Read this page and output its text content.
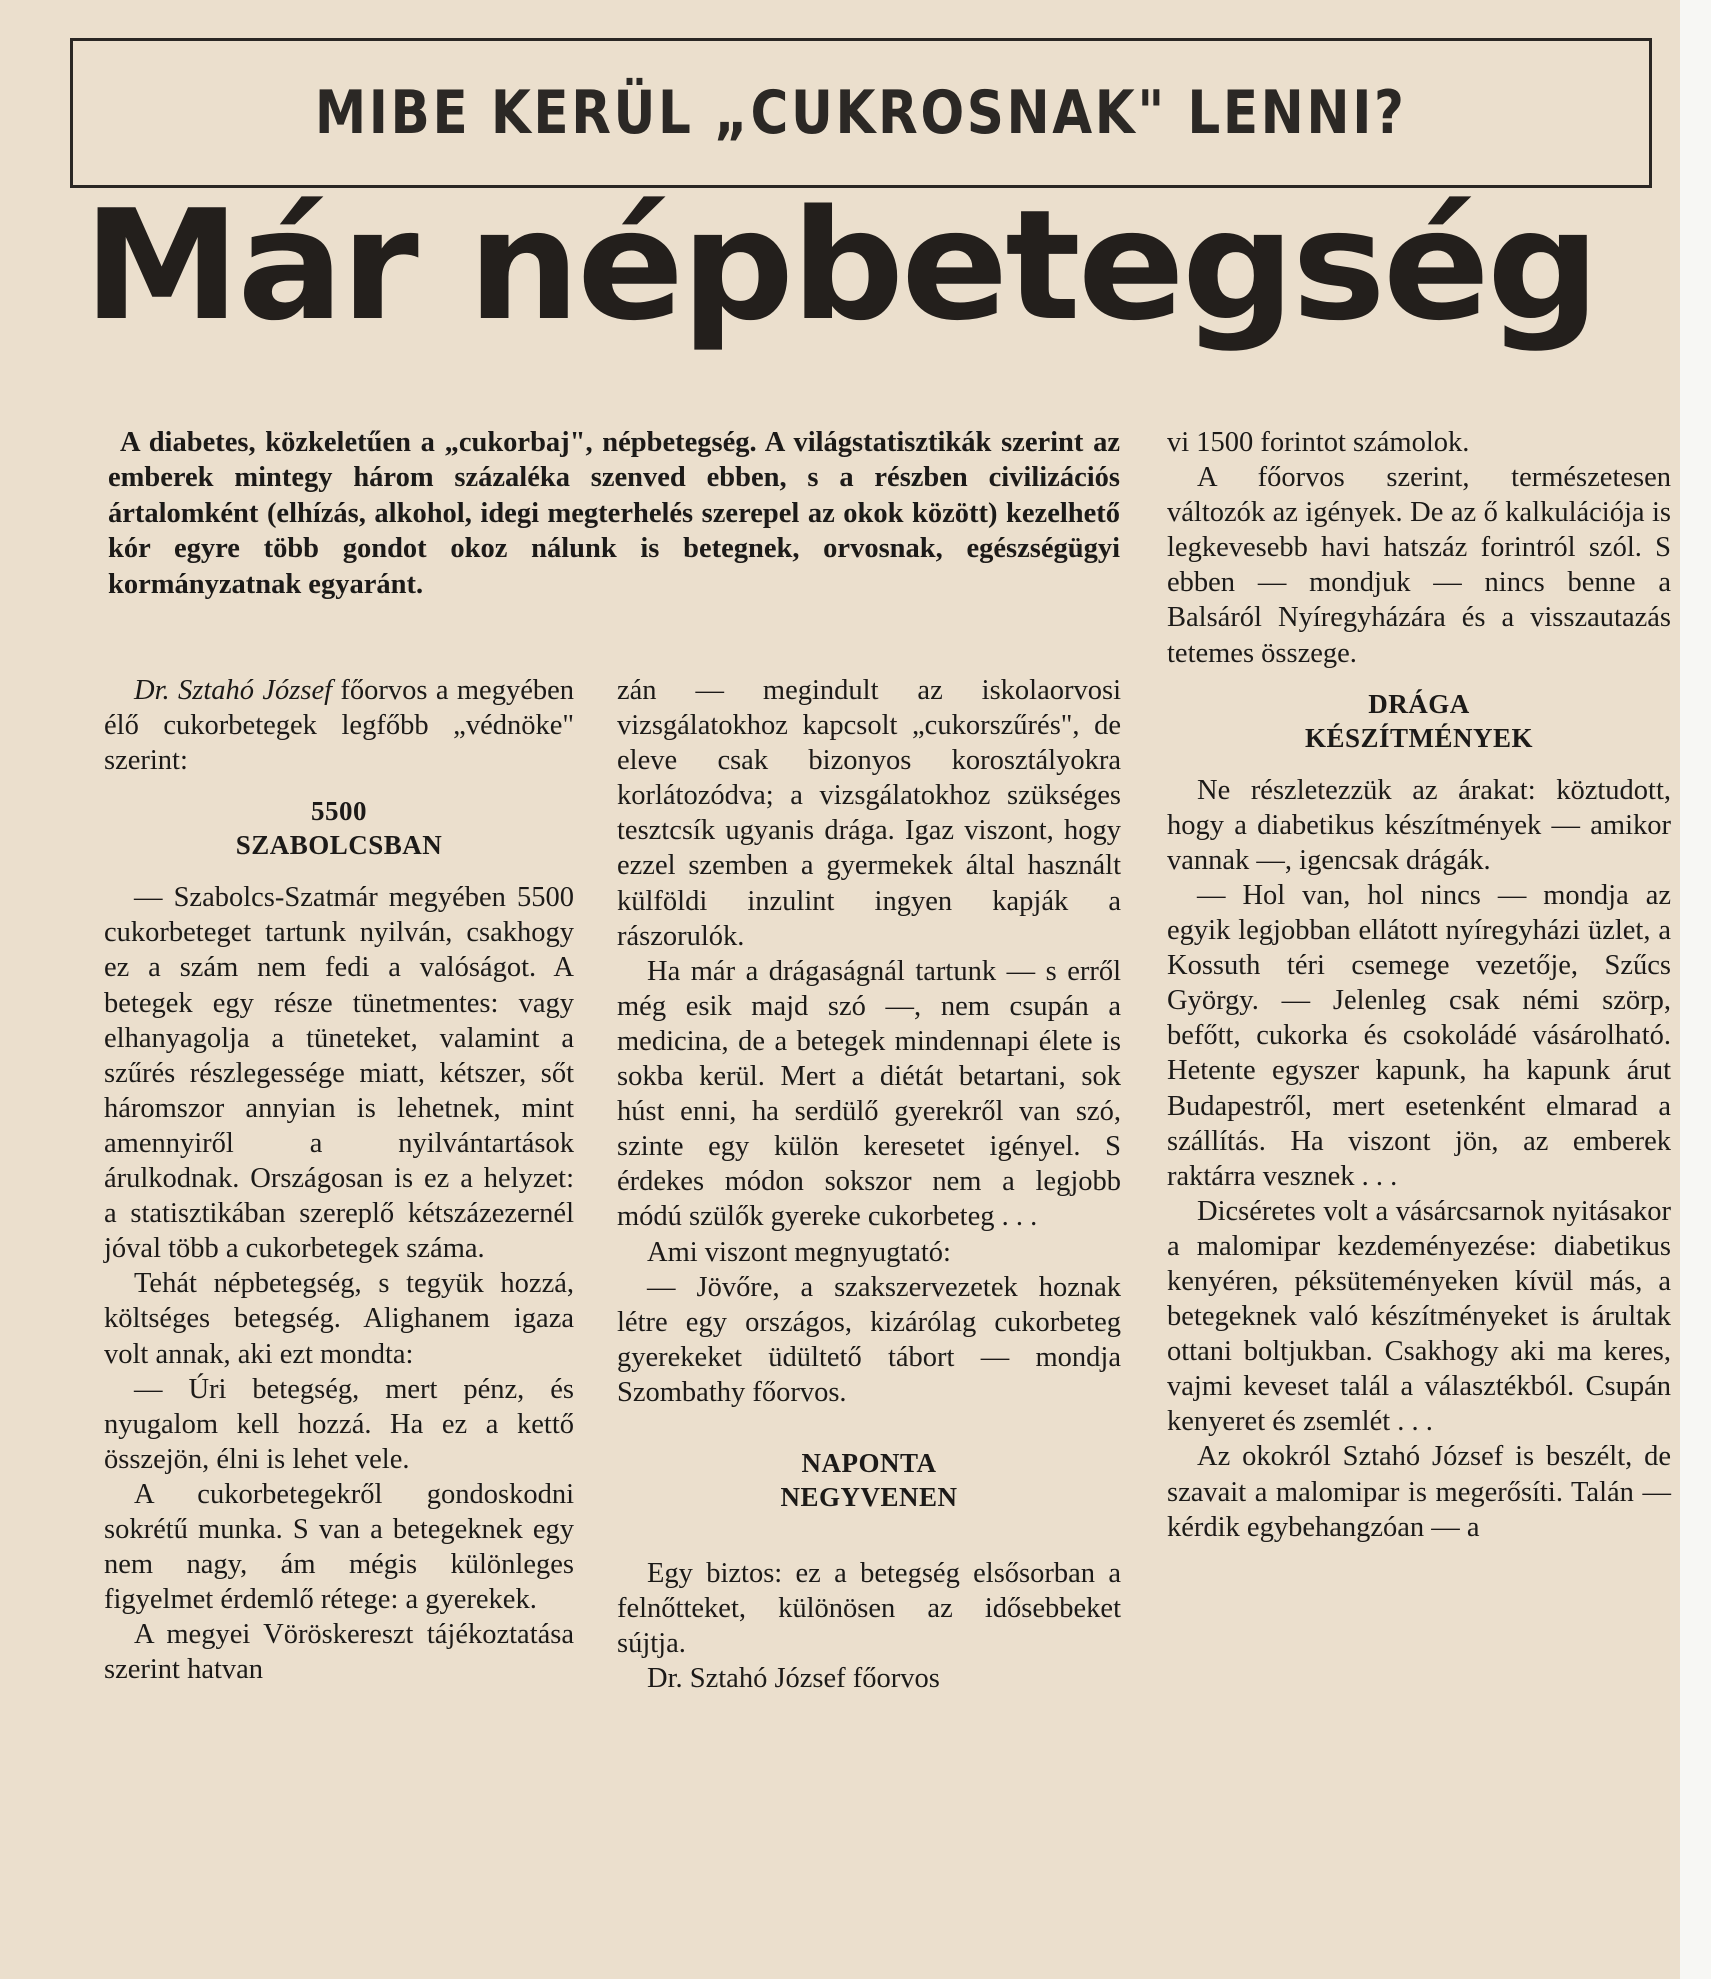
MIBE KERÜL „CUKROSNAK" LENNI?
Már népbetegség

A diabetes, közkeletűen a „cukorbaj", népbetegség. A világstatisztikák szerint az emberek mintegy három százaléka szenved ebben, s a részben civilizációs ártalomként (elhízás, alkohol, idegi megterhelés szerepel az okok között) kezelhető kór egyre több gondot okoz nálunk is betegnek, orvosnak, egészségügyi kormányzatnak egyaránt.

Dr. Sztahó József főorvos a megyében élő cukorbetegek legfőbb „védnöke" szerint:

5500
SZABOLCSBAN

— Szabolcs-Szatmár megyében 5500 cukorbeteget tartunk nyilván, csakhogy ez a szám nem fedi a valóságot. A betegek egy része tünetmentes: vagy elhanyagolja a tüneteket, valamint a szűrés részlegessége miatt, kétszer, sőt háromszor annyian is lehetnek, mint amennyiről a nyilvántartások árulkodnak. Országosan is ez a helyzet: a statisztikában szereplő kétszázezernél jóval több a cukorbetegek száma.

Tehát népbetegség, s tegyük hozzá, költséges betegség. Alighanem igaza volt annak, aki ezt mondta:

— Úri betegség, mert pénz, és nyugalom kell hozzá. Ha ez a kettő összejön, élni is lehet vele.

A cukorbetegekről gondoskodni sokrétű munka. S van a betegeknek egy nem nagy, ám mégis különleges figyelmet érdemlő rétege: a gyerekek.

A megyei Vöröskereszt tájékoztatása szerint hatvan

zán — megindult az iskolaorvosi vizsgálatokhoz kapcsolt „cukorszűrés", de eleve csak bizonyos korosztályokra korlátozódva; a vizsgálatokhoz szükséges tesztcsík ugyanis drága. Igaz viszont, hogy ezzel szemben a gyermekek által használt külföldi inzulint ingyen kapják a rászorulók.

Ha már a drágaságnál tartunk — s erről még esik majd szó —, nem csupán a medicina, de a betegek mindennapi élete is sokba kerül. Mert a diétát betartani, sok húst enni, ha serdülő gyerekről van szó, szinte egy külön keresetet igényel. S érdekes módon sokszor nem a legjobb módú szülők gyereke cukorbeteg . . .

Ami viszont megnyugtató:

— Jövőre, a szakszervezetek hoznak létre egy országos, kizárólag cukorbeteg gyerekeket üdültető tábort — mondja Szombathy főorvos.

NAPONTA
NEGYVENEN

Egy biztos: ez a betegség elsősorban a felnőtteket, különösen az idősebbeket sújtja.

Dr. Sztahó József főorvos

vi 1500 forintot számolok.

A főorvos szerint, természetesen változók az igények. De az ő kalkulációja is legkevesebb havi hatszáz forintról szól. S ebben — mondjuk — nincs benne a Balsáról Nyíregyházára és a visszautazás tetemes összege.

DRÁGA
KÉSZÍTMÉNYEK

Ne részletezzük az árakat: köztudott, hogy a diabetikus készítmények — amikor vannak —, igencsak drágák.

— Hol van, hol nincs — mondja az egyik legjobban ellátott nyíregyházi üzlet, a Kossuth téri csemege vezetője, Szűcs György. — Jelenleg csak némi szörp, befőtt, cukorka és csokoládé vásárolható. Hetente egyszer kapunk, ha kapunk árut Budapestről, mert esetenként elmarad a szállítás. Ha viszont jön, az emberek raktárra vesznek . . .

Dicséretes volt a vásárcsarnok nyitásakor a malomipar kezdeményezése: diabetikus kenyéren, péksüteményeken kívül más, a betegeknek való készítményeket is árultak ottani boltjukban. Csakhogy aki ma keres, vajmi keveset talál a választékból. Csupán kenyeret és zsemlét . . .

Az okokról Sztahó József is beszélt, de szavait a malomipar is megerősíti. Talán — kérdik egybehangzóan — a
